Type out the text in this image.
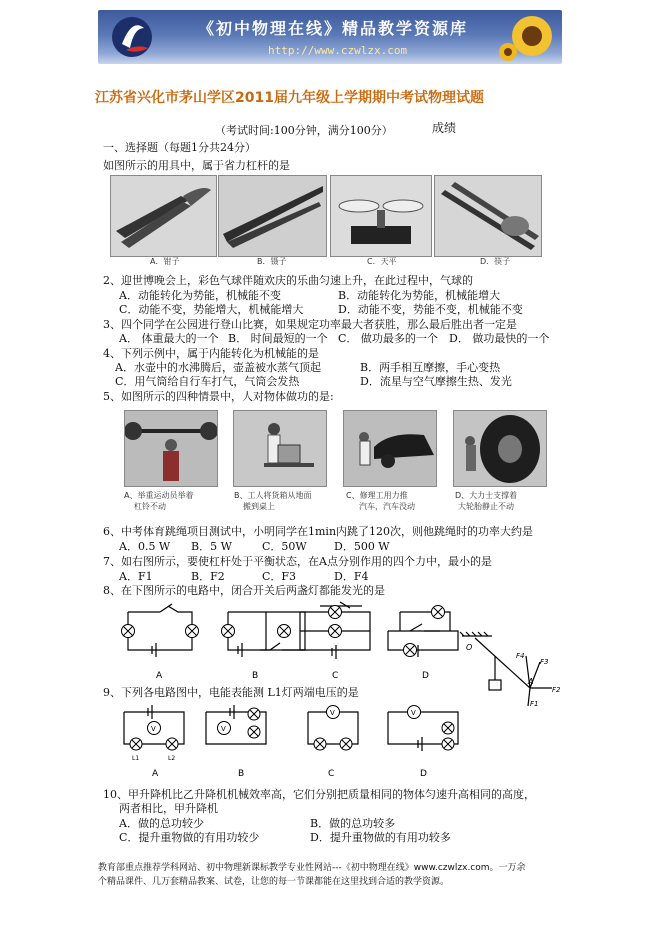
《初中物理在线》精品教学资源库
http://www.czwlzx.com
江苏省兴化市茅山学区2011届九年级上学期期中考试物理试题
（考试时间:100分钟，满分100分）	成绩
一、选择题（每题1分共24分）
如图所示的用具中，属于省力杠杆的是
A．钳子	B．镊子	C．天平	D．筷子
2、迎世博晚会上，彩色气球伴随欢庆的乐曲匀速上升，在此过程中，气球的
A．动能转化为势能，机械能不变	B．动能转化为势能，机械能增大
C．动能不变，势能增大，机械能增大	D．动能不变，势能不变，机械能不变
3、四个同学在公园进行登山比赛，如果规定功率最大者获胜，那么最后胜出者一定是
A． 体重最大的一个 B． 时间最短的一个 C． 做功最多的一个 D． 做功最快的一个
4、下列示例中，属于内能转化为机械能的是
A．水壶中的水沸腾后，壶盖被水蒸气顶起	B．两手相互摩擦，手心变热
C．用气筒给自行车打气，气筒会发热	D．流星与空气摩擦生热、发光
5、如图所示的四种情景中，人对物体做功的是:
A、举重运动员举着
杠铃不动
B、工人将货箱从地面
搬到桌上
C、修理工用力推
汽车，汽车没动
D、大力士支撑着
大轮胎静止不动
6、中考体育跳绳项目测试中，小明同学在1min内跳了120次，则他跳绳时的功率大约是
A．0.5 W B．5 W	C．50W D．500 W
7、如右图所示，要使杠杆处于平衡状态，在A点分别作用的四个力中，最小的是
A．F1	B．F2	C．F3	D．F4
8、在下图所示的电路中，闭合开关后两盏灯都能发光的是
A	B	C	D
O
A
F4
F3
F2
F1
9、下列各电路图中，电能表能测 L1灯两端电压的是
V	V
V	V
L1	L2
A	B	C	D
10、甲升降机比乙升降机机械效率高，它们分别把质量相同的物体匀速升高相同的高度，
两者相比，甲升降机
A．做的总功较少	B．做的总功较多
C．提升重物做的有用功较少	D．提升重物做的有用功较多
教育部重点推荐学科网站、初中物理新课标教学专业性网站---《初中物理在线》www.czwlzx.com。一万余
个精品课件、几万套精品教案、试卷，让您的每一节课都能在这里找到合适的教学资源。
